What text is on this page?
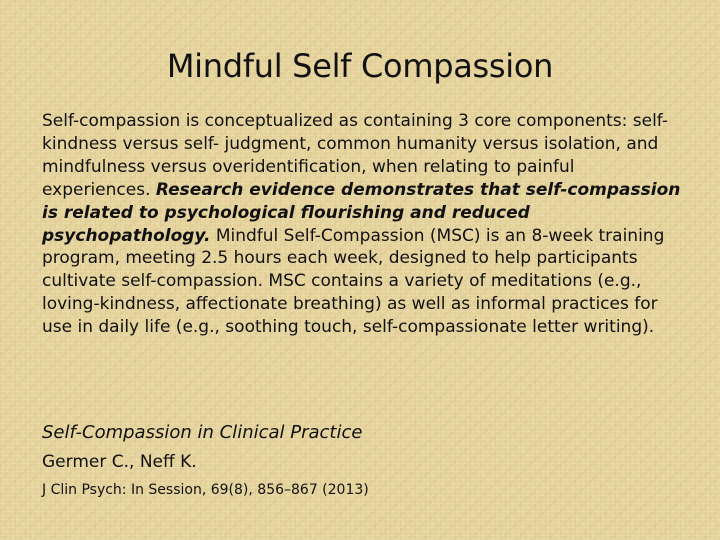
Mindful Self Compassion

Self-compassion is conceptualized as containing 3 core components: self-kindness versus self- judgment, common humanity versus isolation, and mindfulness versus overidentification, when relating to painful experiences. Research evidence demonstrates that self-compassion is related to psychological flourishing and reduced psychopathology. Mindful Self-Compassion (MSC) is an 8-week training program, meeting 2.5 hours each week, designed to help participants cultivate self-compassion. MSC contains a variety of meditations (e.g., loving-kindness, affectionate breathing) as well as informal practices for use in daily life (e.g., soothing touch, self-compassionate letter writing).

Self-Compassion in Clinical Practice
Germer C., Neff K.
J Clin Psych: In Session, 69(8), 856–867 (2013)
